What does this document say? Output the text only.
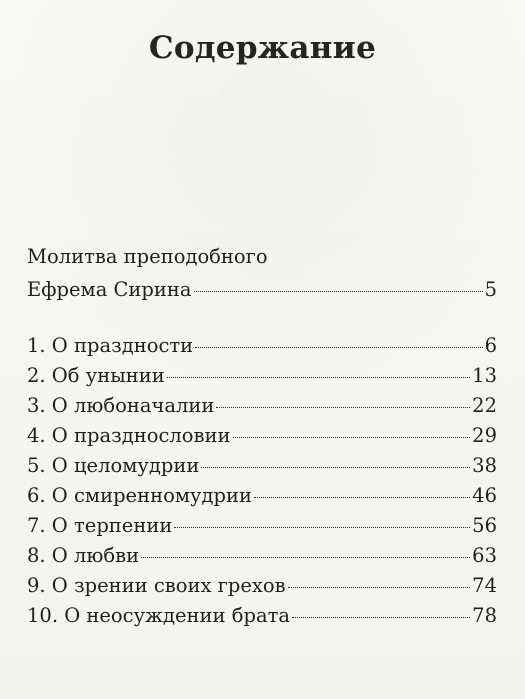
Содержание
Молитва преподобного
Ефрема Сирина	5
1. О праздности	6
2. Об унынии	13
3. О любоначалии	22
4. О празднословии	29
5. О целомудрии	38
6. О смиренномудрии	46
7. О терпении	56
8. О любви	63
9. О зрении своих грехов	74
10. О неосуждении брата	78
